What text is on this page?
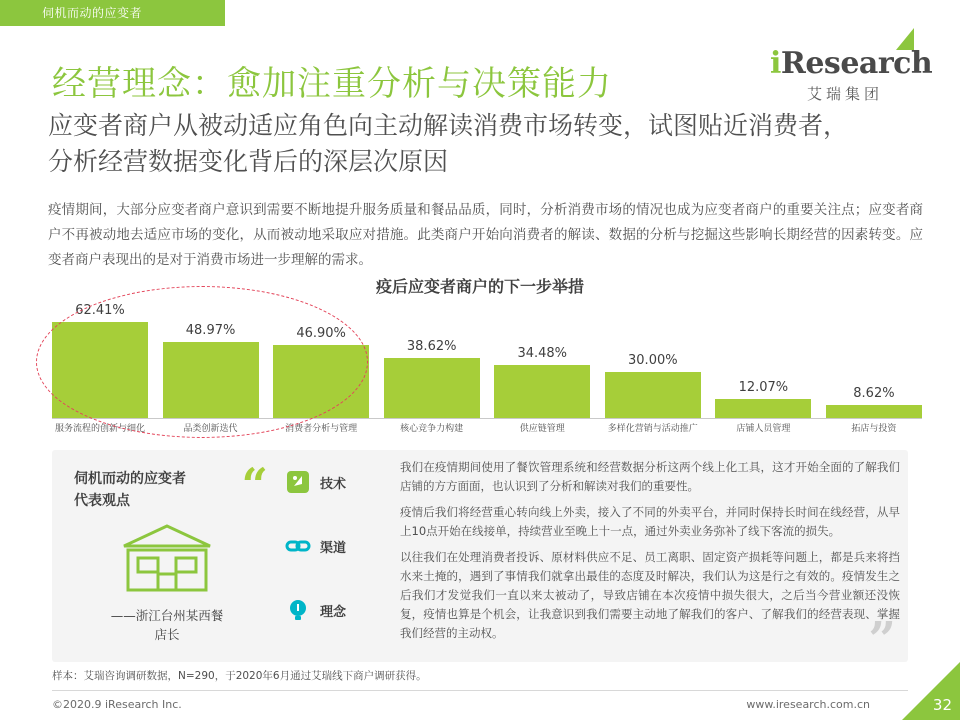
伺机而动的应变者
iResearch
艾瑞集团
经营理念：愈加注重分析与决策能力
应变者商户从被动适应角色向主动解读消费市场转变，试图贴近消费者，分析经营数据变化背后的深层次原因

疫情期间，大部分应变者商户意识到需要不断地提升服务质量和餐品品质，同时，分析消费市场的情况也成为应变者商户的重要关注点；应变者商户不再被动地去适应市场的变化，从而被动地采取应对措施。此类商户开始向消费者的解读、数据的分析与挖掘这些影响长期经营的因素转变。应变者商户表现出的是对于消费市场进一步理解的需求。

疫后应变者商户的下一步举措
62.41%
48.97%	46.90%
38.62%	34.48%	30.00%
12.07%	8.62%
服务流程的创新与细化	品类创新迭代	消费者分析与管理	核心竞争力构建	供应链管理	多样化营销与活动推广	店铺人员管理	拓店与投资
“
伺机而动的应变者
代表观点
——浙江台州某西餐
店长
技术
渠道
理念

我们在疫情期间使用了餐饮管理系统和经营数据分析这两个线上化工具，这才开始全面的了解我们店铺的方方面面，也认识到了分析和解读对我们的重要性。

疫情后我们将经营重心转向线上外卖，接入了不同的外卖平台，并同时保持长时间在线经营，从早上10点开始在线接单，持续营业至晚上十一点，通过外卖业务弥补了线下客流的损失。

以往我们在处理消费者投诉、原材料供应不足、员工离职、固定资产损耗等问题上，都是兵来将挡水来土掩的，遇到了事情我们就拿出最佳的态度及时解决，我们认为这是行之有效的。疫情发生之后我们才发觉我们一直以来太被动了，导致店铺在本次疫情中损失很大，之后当今营业额还没恢复，疫情也算是个机会，让我意识到我们需要主动地了解我们的客户、了解我们的经营表现、掌握我们经营的主动权。	”
样本：艾瑞咨询调研数据，N=290，于2020年6月通过艾瑞线下商户调研获得。
©2020.9 iResearch Inc.	www.iresearch.com.cn	32
